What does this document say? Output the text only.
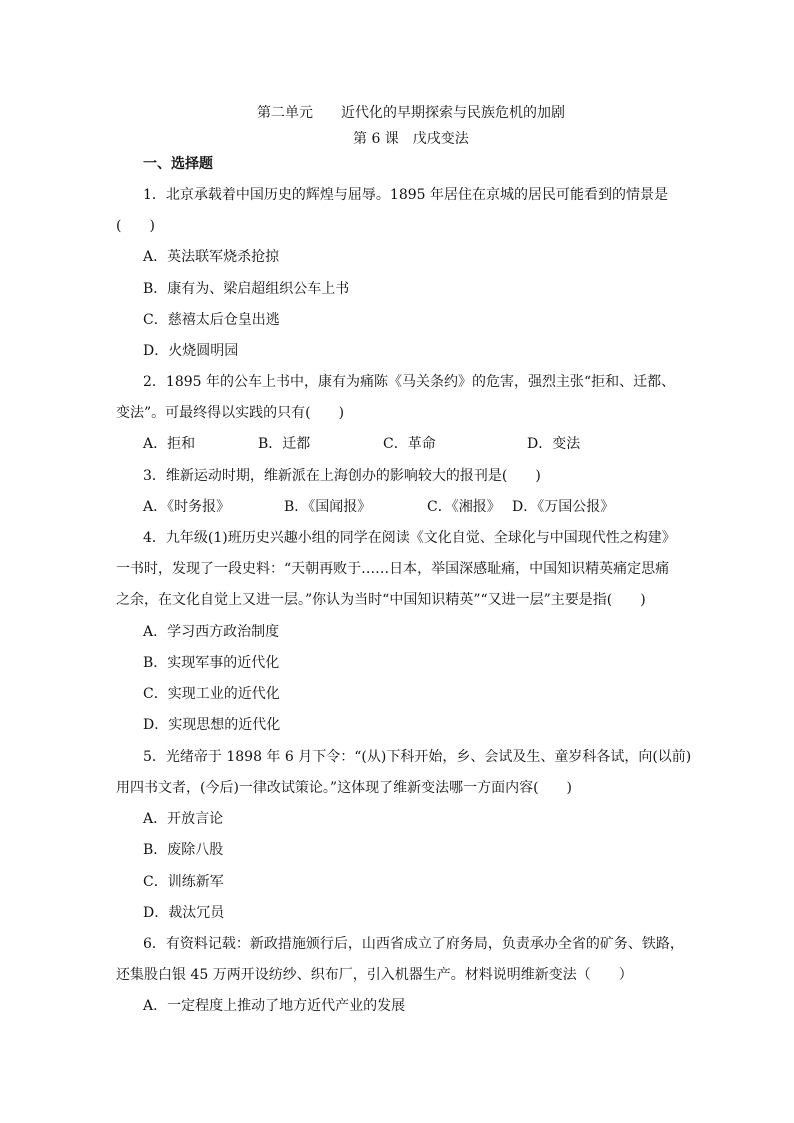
第二单元　　近代化的早期探索与民族危机的加剧
第 6 课　戊戌变法
一、选择题
1．北京承载着中国历史的辉煌与屈辱。1895 年居住在京城的居民可能看到的情景是
(　　)
A．英法联军烧杀抢掠
B．康有为、梁启超组织公车上书
C．慈禧太后仓皇出逃
D．火烧圆明园
2．1895 年的公车上书中，康有为痛陈《马关条约》的危害，强烈主张“拒和、迁都、
变法”。可最终得以实践的只有(　　)
A．拒和	B．迁都	C．革命	D．变法
3．维新运动时期，维新派在上海创办的影响较大的报刊是(　　)
A．《时务报》	B．《国闻报》	C．《湘报》 D．《万国公报》
4．九年级(1)班历史兴趣小组的同学在阅读《文化自觉、全球化与中国现代性之构建》
一书时，发现了一段史料：“天朝再败于……日本，举国深感耻痛，中国知识精英痛定思痛
之余，在文化自觉上又进一层。”你认为当时“中国知识精英”“又进一层”主要是指(　　)
A．学习西方政治制度
B．实现军事的近代化
C．实现工业的近代化
D．实现思想的近代化
5．光绪帝于 1898 年 6 月下令：“(从)下科开始，乡、会试及生、童岁科各试，向(以前)
用四书文者，(今后)一律改试策论。”这体现了维新变法哪一方面内容(　　)
A．开放言论
B．废除八股
C．训练新军
D．裁汰冗员
6．有资料记载：新政措施颁行后，山西省成立了府务局，负责承办全省的矿务、铁路，
还集股白银 45 万两开设纺纱、织布厂，引入机器生产。材料说明维新变法（　　）
A．一定程度上推动了地方近代产业的发展
